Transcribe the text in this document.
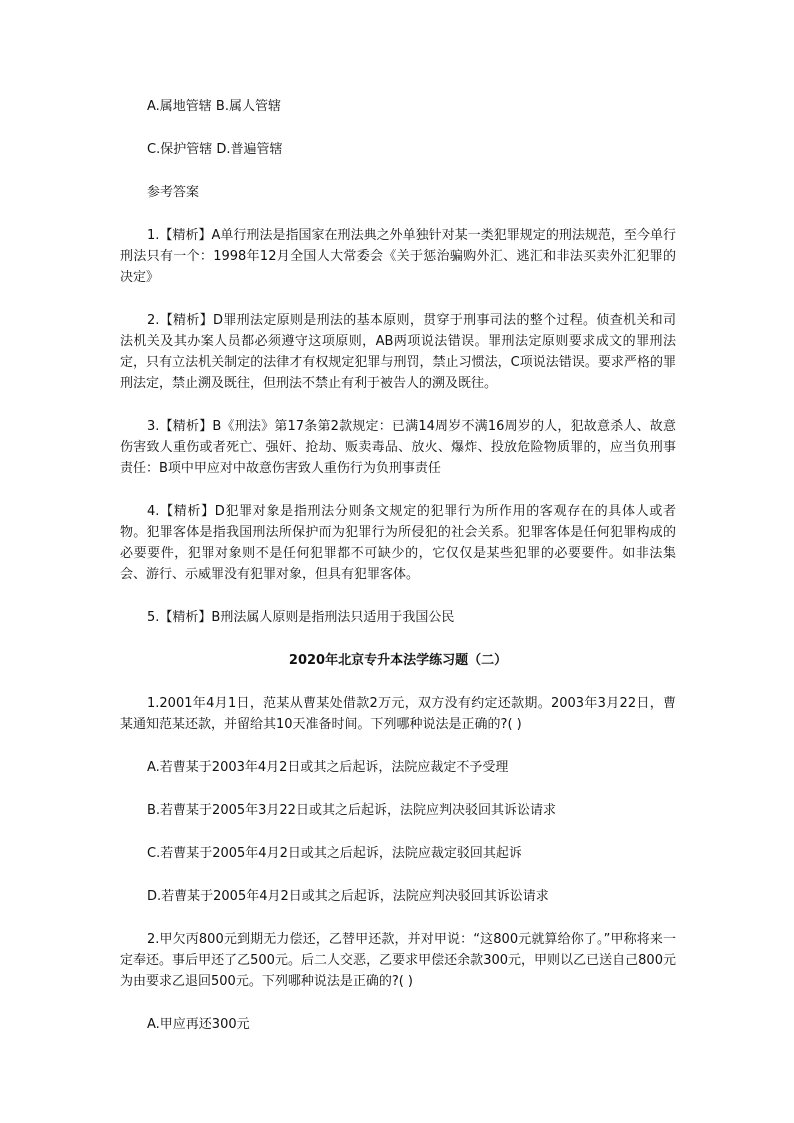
A.属地管辖 B.属人管辖

C.保护管辖 D.普遍管辖

参考答案

1.【精析】A单行刑法是指国家在刑法典之外单独针对某一类犯罪规定的刑法规范，至今单行刑法只有一个：1998年12月全国人大常委会《关于惩治骗购外汇、逃汇和非法买卖外汇犯罪的决定》

2.【精析】D罪刑法定原则是刑法的基本原则，贯穿于刑事司法的整个过程。侦查机关和司法机关及其办案人员都必须遵守这项原则，AB两项说法错误。罪刑法定原则要求成文的罪刑法定，只有立法机关制定的法律才有权规定犯罪与刑罚，禁止习惯法，C项说法错误。要求严格的罪刑法定，禁止溯及既往，但刑法不禁止有利于被告人的溯及既往。

3.【精析】B《刑法》第17条第2款规定：已满14周岁不满16周岁的人，犯故意杀人、故意伤害致人重伤或者死亡、强奸、抢劫、贩卖毒品、放火、爆炸、投放危险物质罪的，应当负刑事责任：B项中甲应对中故意伤害致人重伤行为负刑事责任

4.【精析】D犯罪对象是指刑法分则条文规定的犯罪行为所作用的客观存在的具体人或者物。犯罪客体是指我国刑法所保护而为犯罪行为所侵犯的社会关系。犯罪客体是任何犯罪构成的必要要件，犯罪对象则不是任何犯罪都不可缺少的，它仅仅是某些犯罪的必要要件。如非法集会、游行、示威罪没有犯罪对象，但具有犯罪客体。

5.【精析】B刑法属人原则是指刑法只适用于我国公民

2020年北京专升本法学练习题（二）

1.2001年4月1日，范某从曹某处借款2万元，双方没有约定还款期。2003年3月22日，曹某通知范某还款，并留给其10天准备时间。下列哪种说法是正确的?( )

A.若曹某于2003年4月2日或其之后起诉，法院应裁定不予受理

B.若曹某于2005年3月22日或其之后起诉，法院应判决驳回其诉讼请求

C.若曹某于2005年4月2日或其之后起诉，法院应裁定驳回其起诉

D.若曹某于2005年4月2日或其之后起诉，法院应判决驳回其诉讼请求

2.甲欠丙800元到期无力偿还，乙替甲还款，并对甲说：“这800元就算给你了。”甲称将来一定奉还。事后甲还了乙500元。后二人交恶，乙要求甲偿还余款300元，甲则以乙已送自己800元为由要求乙退回500元。下列哪种说法是正确的?( )

A.甲应再还300元
